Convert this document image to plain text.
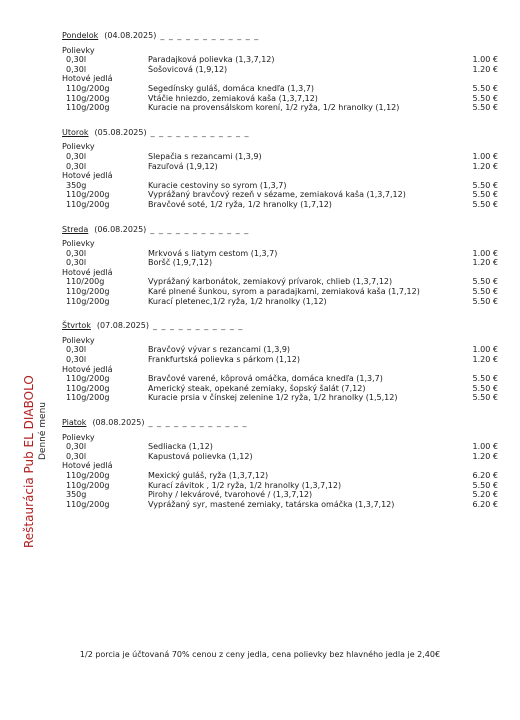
Reštaurácia Pub EL DIABOLO Denné menu
Pondelok (04.08.2025) _ _ _ _ _ _ _ _ _ _ _ _
Polievky
0,30l	Paradajková polievka (1,3,7,12)	1.00 €
0,30l	Šošovicová (1,9,12)	1.20 €
Hotové jedlá
110g/200g	Segedínsky guláš, domáca knedľa (1,3,7)	5.50 €
110g/200g	Vtáčie hniezdo, zemiaková kaša (1,3,7,12)	5.50 €
110g/200g	Kuracie na provensálskom korení, 1/2 ryža, 1/2 hranolky (1,12)	5.50 €
Utorok (05.08.2025) _ _ _ _ _ _ _ _ _ _ _ _
Polievky
0,30l	Slepačia s rezancami (1,3,9)	1.00 €
0,30l	Fazuľová (1,9,12)	1.20 €
Hotové jedlá
350g	Kuracie cestoviny so syrom (1,3,7)	5.50 €
110g/200g	Vyprážaný bravčový rezeň v sézame, zemiaková kaša (1,3,7,12)	5.50 €
110g/200g	Bravčové soté, 1/2 ryža, 1/2 hranolky (1,7,12)	5.50 €
Streda (06.08.2025) _ _ _ _ _ _ _ _ _ _ _ _
Polievky
0,30l	Mrkvová s liatym cestom (1,3,7)	1.00 €
0,30l	Boršč (1,9,7,12)	1.20 €
Hotové jedlá
110/200g	Vyprážaný karbonátok, zemiakový prívarok, chlieb (1,3,7,12)	5.50 €
110g/200g	Karé plnené šunkou, syrom a paradajkami, zemiaková kaša (1,7,12)	5.50 €
110g/200g	Kurací pletenec,1/2 ryža, 1/2 hranolky (1,12)	5.50 €
Štvrtok (07.08.2025) _ _ _ _ _ _ _ _ _ _ _
Polievky
0,30l	Bravčový vývar s rezancami (1,3,9)	1.00 €
0,30l	Frankfurtská polievka s párkom (1,12)	1.20 €
Hotové jedlá
110g/200g	Bravčové varené, kôprová omáčka, domáca knedľa (1,3,7)	5.50 €
110g/200g	Americký steak, opekané zemiaky, šopský šalát (7,12)	5.50 €
110g/200g	Kuracie prsia v čínskej zelenine 1/2 ryža, 1/2 hranolky (1,5,12)	5.50 €
Piatok (08.08.2025) _ _ _ _ _ _ _ _ _ _ _ _
Polievky
0,30l	Sedliacka (1,12)	1.00 €
0,30l	Kapustová polievka (1,12)	1.20 €
Hotové jedlá
110g/200g	Mexický guláš, ryža (1,3,7,12)	6.20 €
110g/200g	Kurací závitok , 1/2 ryža, 1/2 hranolky (1,3,7,12)	5.50 €
350g	Pirohy / lekvárové, tvarohové / (1,3,7,12)	5.20 €
110g/200g	Vyprážaný syr, mastené zemiaky, tatárska omáčka (1,3,7,12)	6.20 €
1/2 porcia je účtovaná 70% cenou z ceny jedla, cena polievky bez hlavného jedla je 2,40€
